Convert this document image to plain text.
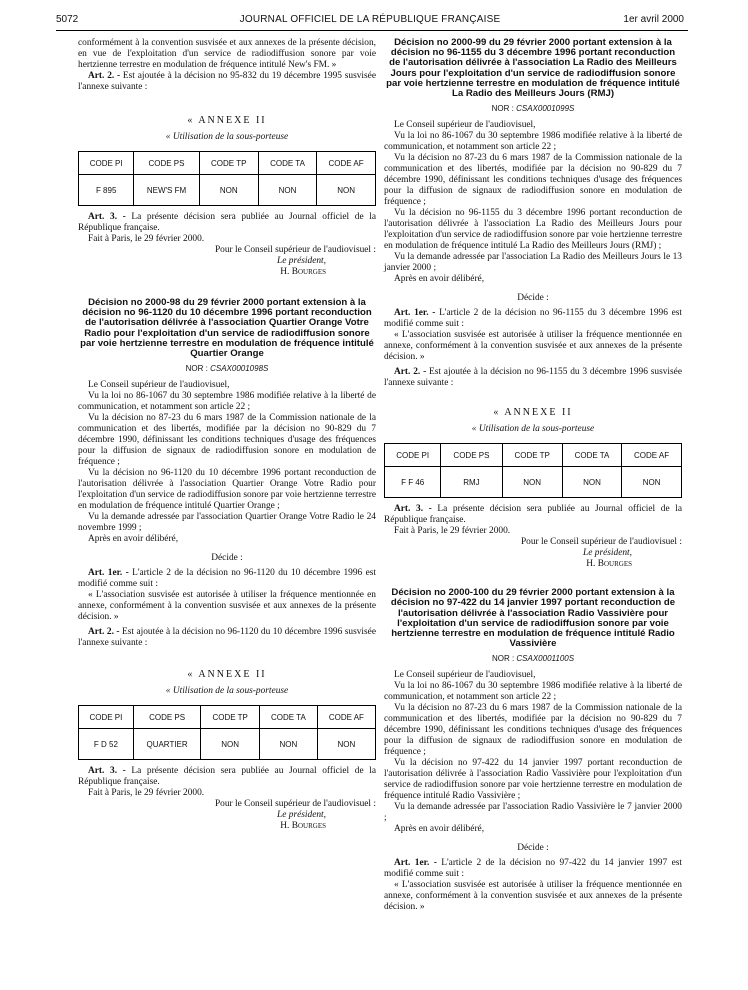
5072	JOURNAL OFFICIEL DE LA RÉPUBLIQUE FRANÇAISE	1er avril 2000

conformément à la convention susvisée et aux annexes de la présente décision, en vue de l'exploitation d'un service de radiodiffusion sonore par voie hertzienne terrestre en modulation de fréquence intitulé New's FM. »

Art. 2. - Est ajoutée à la décision no 95-832 du 19 décembre 1995 susvisée l'annexe suivante :

« ANNEXE II
« Utilisation de la sous-porteuse
CODE PI	CODE PS	CODE TP	CODE TA	CODE AF
F 895	NEW'S FM	NON	NON	NON

Art. 3. - La présente décision sera publiée au Journal officiel de la République française.

Fait à Paris, le 29 février 2000.

Pour le Conseil supérieur de l'audiovisuel :
Le président,
H. Bourges
Décision no 2000-98 du 29 février 2000 portant extension à la décision no 96-1120 du 10 décembre 1996 portant reconduction de l'autorisation délivrée à l'association Quartier Orange Votre Radio pour l'exploitation d'un service de radiodiffusion sonore par voie hertzienne terrestre en modulation de fréquence intitulé Quartier Orange
NOR : CSAX0001098S

Le Conseil supérieur de l'audiovisuel,

Vu la loi no 86-1067 du 30 septembre 1986 modifiée relative à la liberté de communication, et notamment son article 22 ;

Vu la décision no 87-23 du 6 mars 1987 de la Commission nationale de la communication et des libertés, modifiée par la décision no 90-829 du 7 décembre 1990, définissant les conditions techniques d'usage des fréquences pour la diffusion de signaux de radiodiffusion sonore en modulation de fréquence ;

Vu la décision no 96-1120 du 10 décembre 1996 portant reconduction de l'autorisation délivrée à l'association Quartier Orange Votre Radio pour l'exploitation d'un service de radiodiffusion sonore par voie hertzienne terrestre en modulation de fréquence intitulé Quartier Orange ;

Vu la demande adressée par l'association Quartier Orange Votre Radio le 24 novembre 1999 ;

Après en avoir délibéré,

Décide :

Art. 1er. - L'article 2 de la décision no 96-1120 du 10 décembre 1996 est modifié comme suit :

« L'association susvisée est autorisée à utiliser la fréquence mentionnée en annexe, conformément à la convention susvisée et aux annexes de la présente décision. »

Art. 2. - Est ajoutée à la décision no 96-1120 du 10 décembre 1996 susvisée l'annexe suivante :

« ANNEXE II
« Utilisation de la sous-porteuse
CODE PI	CODE PS	CODE TP	CODE TA	CODE AF
F D 52	QUARTIER	NON	NON	NON

Art. 3. - La présente décision sera publiée au Journal officiel de la République française.

Fait à Paris, le 29 février 2000.

Pour le Conseil supérieur de l'audiovisuel :
Le président,
H. Bourges
Décision no 2000-99 du 29 février 2000 portant extension à la décision no 96-1155 du 3 décembre 1996 portant reconduction de l'autorisation délivrée à l'association La Radio des Meilleurs Jours pour l'exploitation d'un service de radiodiffusion sonore par voie hertzienne terrestre en modulation de fréquence intitulé La Radio des Meilleurs Jours (RMJ)
NOR : CSAX0001099S

Le Conseil supérieur de l'audiovisuel,

Vu la loi no 86-1067 du 30 septembre 1986 modifiée relative à la liberté de communication, et notamment son article 22 ;

Vu la décision no 87-23 du 6 mars 1987 de la Commission nationale de la communication et des libertés, modifiée par la décision no 90-829 du 7 décembre 1990, définissant les conditions techniques d'usage des fréquences pour la diffusion de signaux de radiodiffusion sonore en modulation de fréquence ;

Vu la décision no 96-1155 du 3 décembre 1996 portant reconduction de l'autorisation délivrée à l'association La Radio des Meilleurs Jours pour l'exploitation d'un service de radiodiffusion sonore par voie hertzienne terrestre en modulation de fréquence intitulé La Radio des Meilleurs Jours (RMJ) ;

Vu la demande adressée par l'association La Radio des Meilleurs Jours le 13 janvier 2000 ;

Après en avoir délibéré,

Décide :

Art. 1er. - L'article 2 de la décision no 96-1155 du 3 décembre 1996 est modifié comme suit :

« L'association susvisée est autorisée à utiliser la fréquence mentionnée en annexe, conformément à la convention susvisée et aux annexes de la présente décision. »

Art. 2. - Est ajoutée à la décision no 96-1155 du 3 décembre 1996 susvisée l'annexe suivante :

« ANNEXE II
« Utilisation de la sous-porteuse
CODE PI	CODE PS	CODE TP	CODE TA	CODE AF
F F 46	RMJ	NON	NON	NON

Art. 3. - La présente décision sera publiée au Journal officiel de la République française.

Fait à Paris, le 29 février 2000.

Pour le Conseil supérieur de l'audiovisuel :
Le président,
H. Bourges
Décision no 2000-100 du 29 février 2000 portant extension à la décision no 97-422 du 14 janvier 1997 portant reconduction de l'autorisation délivrée à l'association Radio Vassivière pour l'exploitation d'un service de radiodiffusion sonore par voie hertzienne terrestre en modulation de fréquence intitulé Radio Vassivière
NOR : CSAX0001100S

Le Conseil supérieur de l'audiovisuel,

Vu la loi no 86-1067 du 30 septembre 1986 modifiée relative à la liberté de communication, et notamment son article 22 ;

Vu la décision no 87-23 du 6 mars 1987 de la Commission nationale de la communication et des libertés, modifiée par la décision no 90-829 du 7 décembre 1990, définissant les conditions techniques d'usage des fréquences pour la diffusion de signaux de radiodiffusion sonore en modulation de fréquence ;

Vu la décision no 97-422 du 14 janvier 1997 portant reconduction de l'autorisation délivrée à l'association Radio Vassivière pour l'exploitation d'un service de radiodiffusion sonore par voie hertzienne terrestre en modulation de fréquence intitulé Radio Vassivière ;

Vu la demande adressée par l'association Radio Vassivière le 7 janvier 2000 ;

Après en avoir délibéré,

Décide :

Art. 1er. - L'article 2 de la décision no 97-422 du 14 janvier 1997 est modifié comme suit :

« L'association susvisée est autorisée à utiliser la fréquence mentionnée en annexe, conformément à la convention susvisée et aux annexes de la présente décision. »
